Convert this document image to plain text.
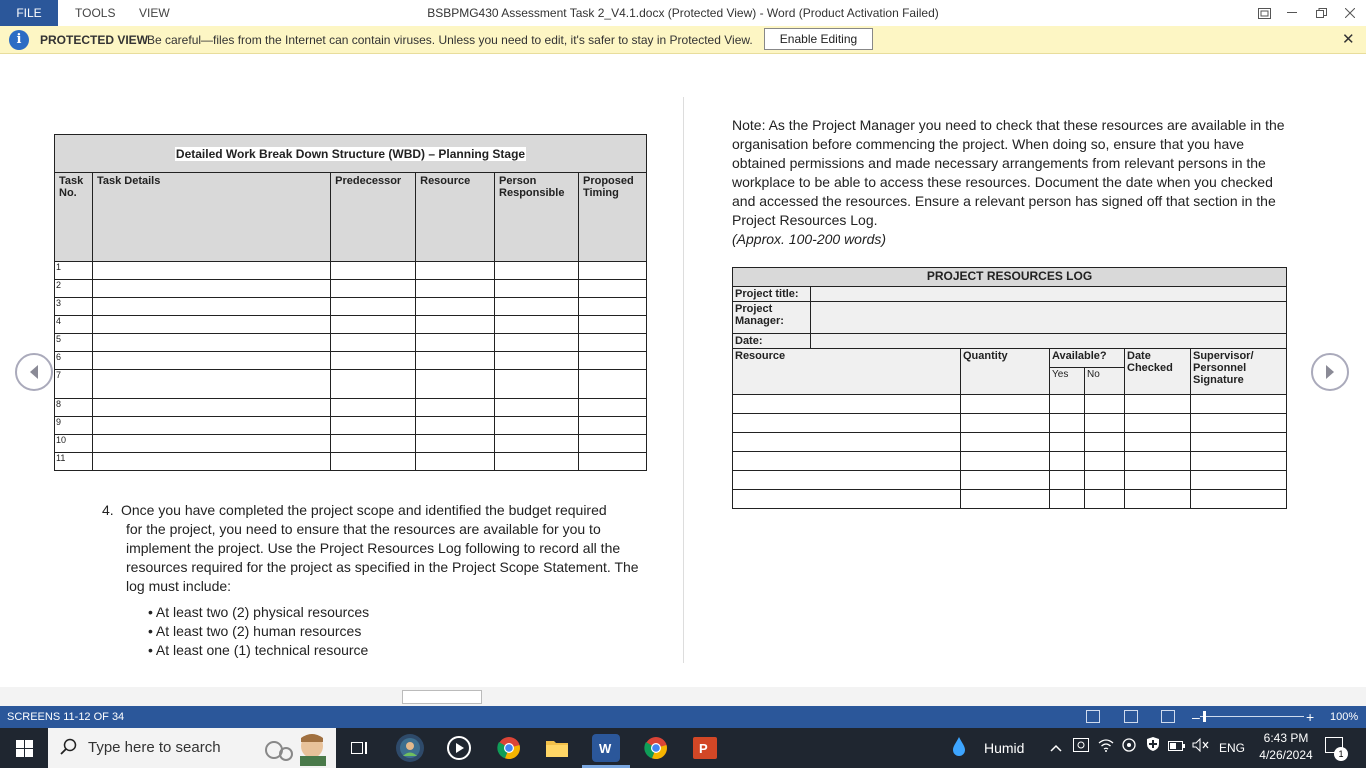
FILE	TOOLS VIEW	BSBPMG430 Assessment Task 2_V4.1.docx (Protected View) - Word (Product Activation Failed)
i	PROTECTED VIEW
Be careful—files from the Internet can contain viruses. Unless you need to edit, it's safer to stay in Protected View.	Enable Editing	✕
Detailed Work Break Down Structure (WBD) – Planning Stage					
Task No.	Task Details	Predecessor	Resource	Person Responsible	Proposed Timing
1					
2					
3					
4					
5					
6					
7					
8					
9					
10					
11					
4. Once you have completed the project scope and identified the budget required
for the project, you need to ensure that the resources are available for you to implement the project. Use the Project Resources Log following to record all the resources required for the project as specified in the Project Scope Statement. The log must include:
• At least two (2) physical resources
• At least two (2) human resources
• At least one (1) technical resource
Note: As the Project Manager you need to check that these resources are available in the organisation before commencing the project. When doing so, ensure that you have obtained permissions and made necessary arrangements from relevant persons in the workplace to be able to access these resources. Document the date when you checked and accessed the resources. Ensure a relevant person has signed off that section in the Project Resources Log.
(Approx. 100-200 words)
PROJECT RESOURCES LOG						
Project title:						
Project Manager:						
Date:						
Resource		Quantity	Available?		Date Checked	Supervisor/ Personnel Signature
			Yes	No		

SCREENS 11-12 OF 34	–	+ 100%
Type here to search	W	P	Humid	ENG
6:43 PM
4/26/2024	1
